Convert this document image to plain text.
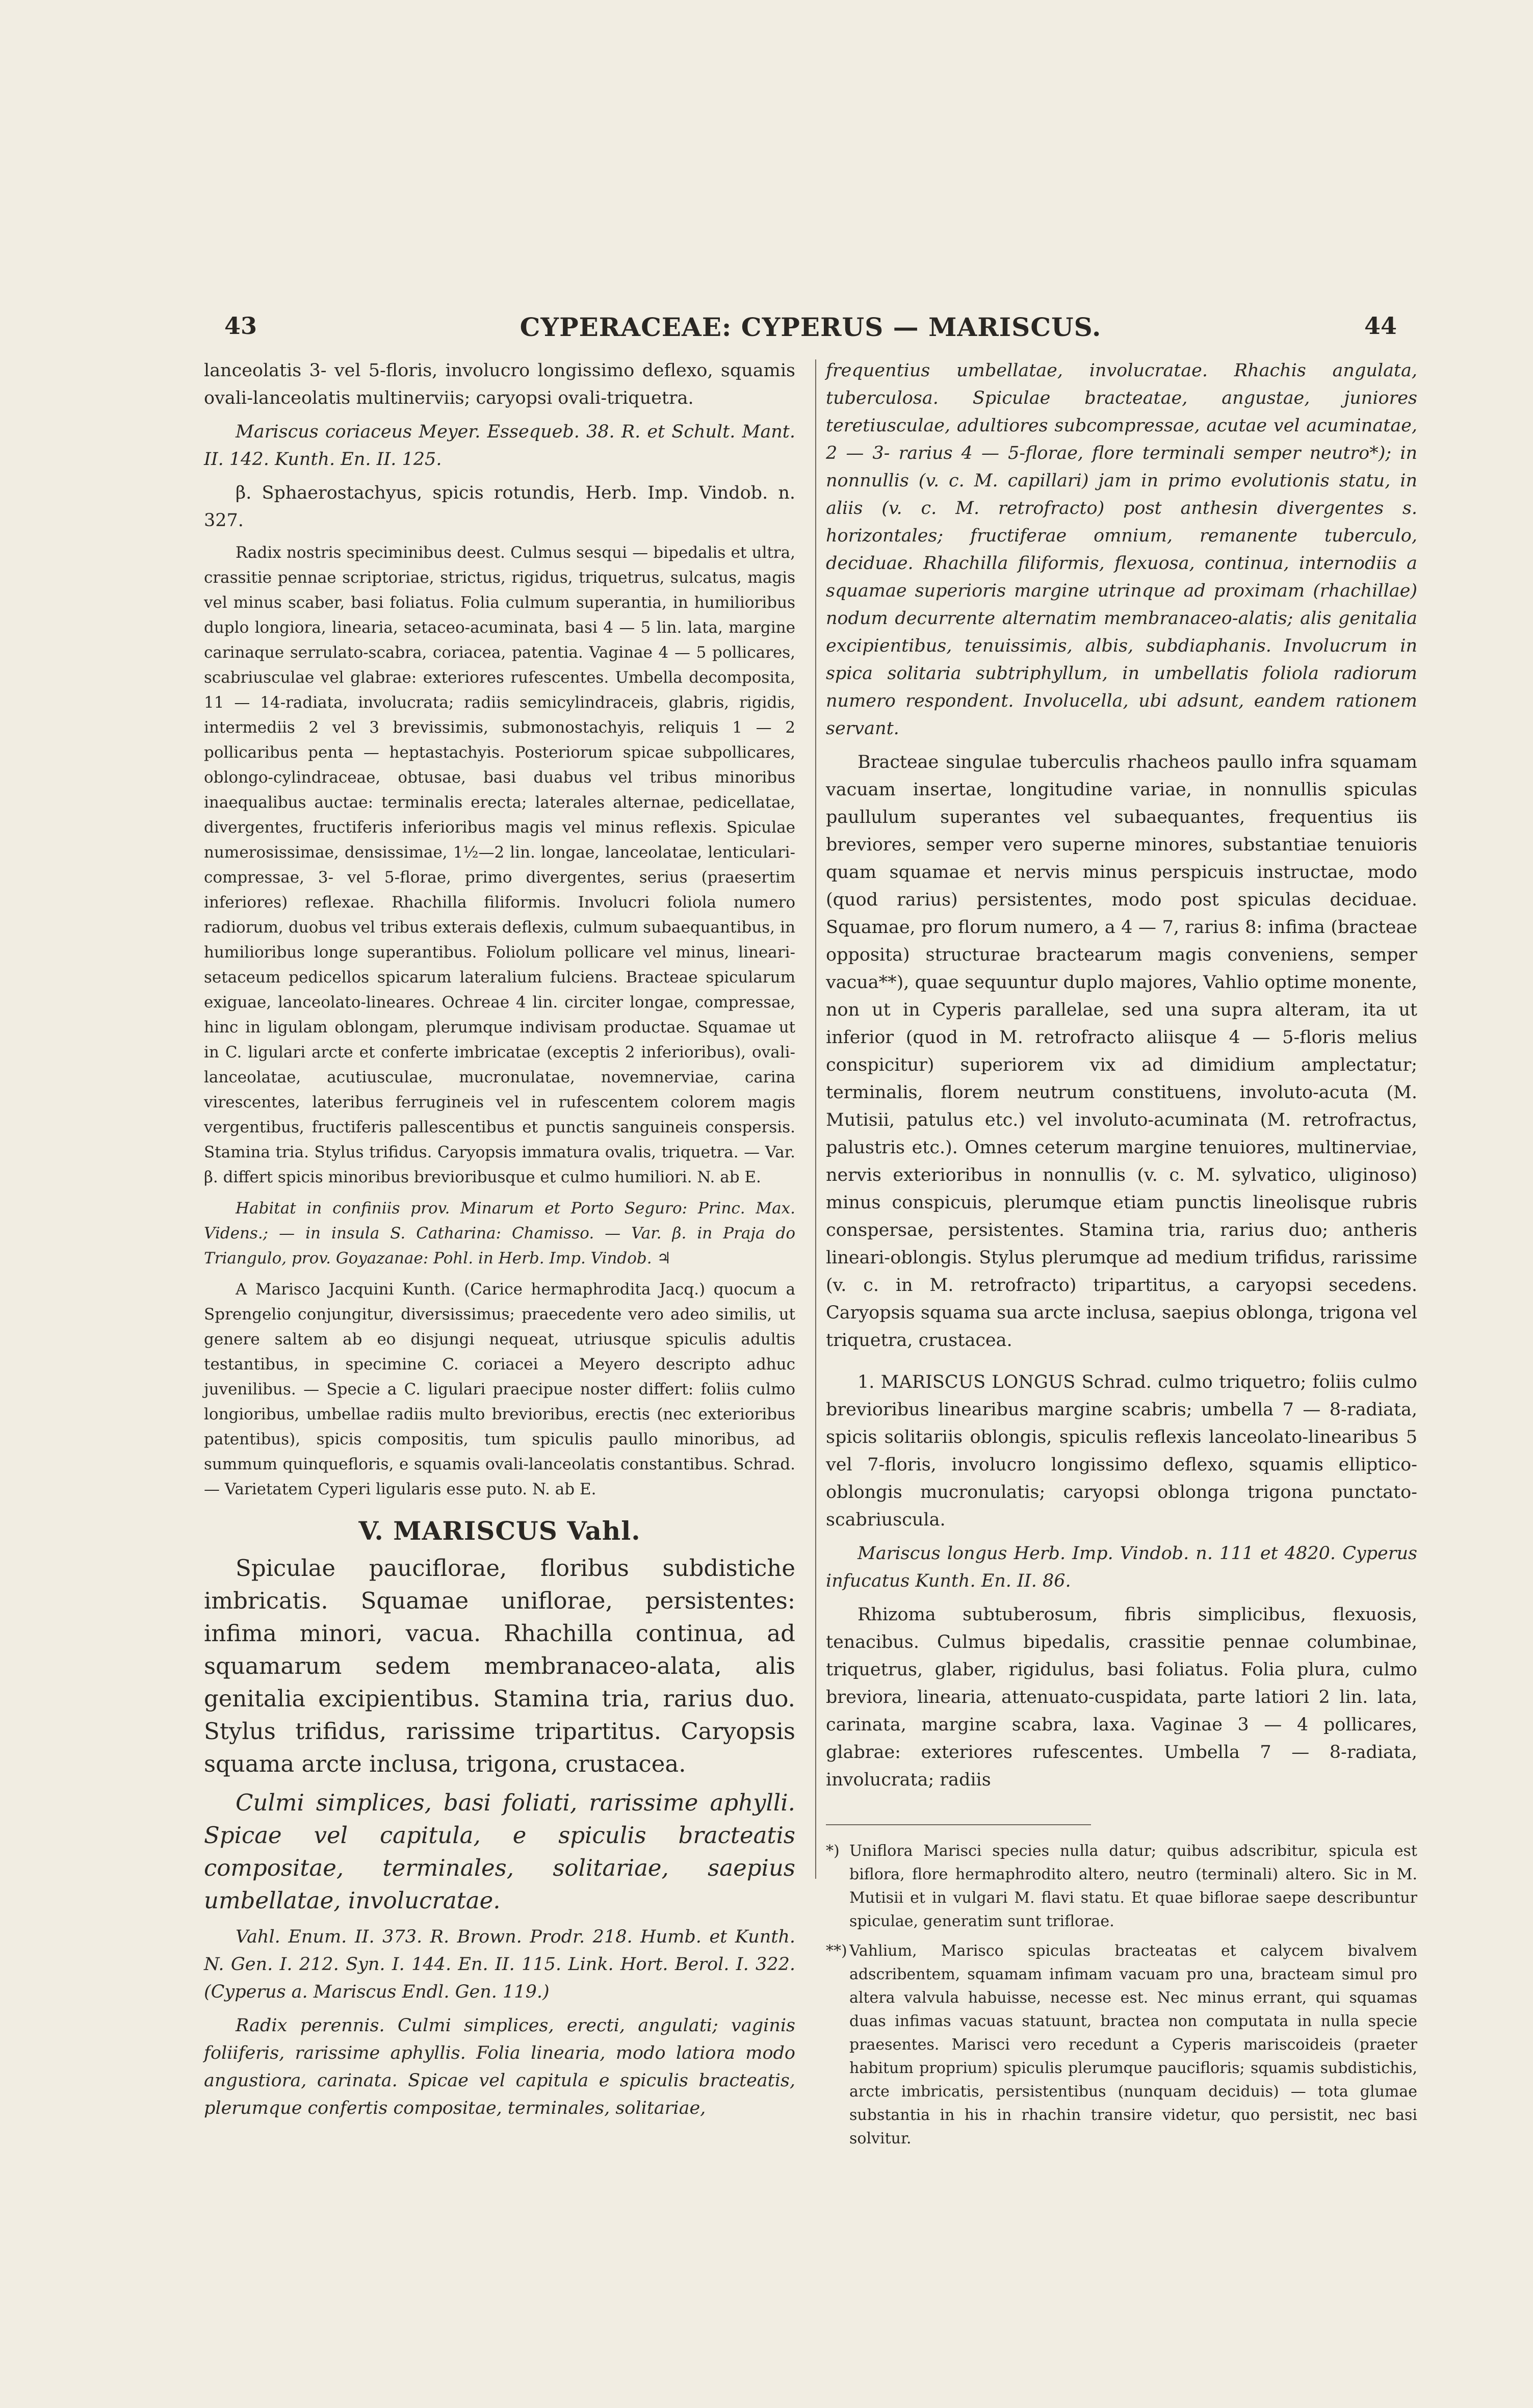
43	CYPERACEAE: CYPERUS — MARISCUS.	44

lanceolatis 3- vel 5-floris, involucro longissimo deflexo, squamis ovali-lanceolatis multinerviis; caryopsi ovali-triquetra.

Mariscus coriaceus Meyer. Essequeb. 38. R. et Schult. Mant. II. 142. Kunth. En. II. 125.

β. Sphaerostachyus, spicis rotundis, Herb. Imp. Vindob. n. 327.

Radix nostris speciminibus deest. Culmus sesqui — bipedalis et ultra, crassitie pennae scriptoriae, strictus, rigidus, triquetrus, sulcatus, magis vel minus scaber, basi foliatus. Folia culmum superantia, in humilioribus duplo longiora, linearia, setaceo-acuminata, basi 4 — 5 lin. lata, margine carinaque serrulato-scabra, coriacea, patentia. Vaginae 4 — 5 pollicares, scabriusculae vel glabrae: exteriores rufescentes. Umbella decomposita, 11 — 14-radiata, involucrata; radiis semicylindraceis, glabris, rigidis, intermediis 2 vel 3 brevissimis, submonostachyis, reliquis 1 — 2 pollicaribus penta — heptastachyis. Posteriorum spicae subpollicares, oblongo-cylindraceae, obtusae, basi duabus vel tribus minoribus inaequalibus auctae: terminalis erecta; laterales alternae, pedicellatae, divergentes, fructiferis inferioribus magis vel minus reflexis. Spiculae numerosissimae, densissimae, 1½—2 lin. longae, lanceolatae, lenticulari-compressae, 3- vel 5-florae, primo divergentes, serius (praesertim inferiores) reflexae. Rhachilla filiformis. Involucri foliola numero radiorum, duobus vel tribus exterais deflexis, culmum subaequantibus, in humilioribus longe superantibus. Foliolum pollicare vel minus, lineari-setaceum pedicellos spicarum lateralium fulciens. Bracteae spicularum exiguae, lanceolato-lineares. Ochreae 4 lin. circiter longae, compressae, hinc in ligulam oblongam, plerumque indivisam productae. Squamae ut in C. ligulari arcte et conferte imbricatae (exceptis 2 inferioribus), ovali-lanceolatae, acutiusculae, mucronulatae, novemnerviae, carina virescentes, lateribus ferrugineis vel in rufescentem colorem magis vergentibus, fructiferis pallescentibus et punctis sanguineis conspersis. Stamina tria. Stylus trifidus. Caryopsis immatura ovalis, triquetra. — Var. β. differt spicis minoribus brevioribusque et culmo humiliori. N. ab E.

Habitat in confiniis prov. Minarum et Porto Seguro: Princ. Max. Videns.; — in insula S. Catharina: Chamisso. — Var. β. in Praja do Triangulo, prov. Goyazanae: Pohl. in Herb. Imp. Vindob. ♃

A Marisco Jacquini Kunth. (Carice hermaphrodita Jacq.) quocum a Sprengelio conjungitur, diversissimus; praecedente vero adeo similis, ut genere saltem ab eo disjungi nequeat, utriusque spiculis adultis testantibus, in specimine C. coriacei a Meyero descripto adhuc juvenilibus. — Specie a C. ligulari praecipue noster differt: foliis culmo longioribus, umbellae radiis multo brevioribus, erectis (nec exterioribus patentibus), spicis compositis, tum spiculis paullo minoribus, ad summum quinquefloris, e squamis ovali-lanceolatis constantibus. Schrad. — Varietatem Cyperi ligularis esse puto. N. ab E.

V. MARISCUS Vahl.

Spiculae pauciflorae, floribus subdistiche imbricatis. Squamae uniflorae, persistentes: infima minori, vacua. Rhachilla continua, ad squamarum sedem membranaceo-alata, alis genitalia excipientibus. Stamina tria, rarius duo. Stylus trifidus, rarissime tripartitus. Caryopsis squama arcte inclusa, trigona, crustacea.

Culmi simplices, basi foliati, rarissime aphylli. Spicae vel capitula, e spiculis bracteatis compositae, terminales, solitariae, saepius umbellatae, involucratae.

Vahl. Enum. II. 373. R. Brown. Prodr. 218. Humb. et Kunth. N. Gen. I. 212. Syn. I. 144. En. II. 115. Link. Hort. Berol. I. 322. (Cyperus a. Mariscus Endl. Gen. 119.)

Radix perennis. Culmi simplices, erecti, angulati; vaginis foliiferis, rarissime aphyllis. Folia linearia, modo latiora modo angustiora, carinata. Spicae vel capitula e spiculis bracteatis, plerumque confertis compositae, terminales, solitariae,

frequentius umbellatae, involucratae. Rhachis angulata, tuberculosa. Spiculae bracteatae, angustae, juniores teretiusculae, adultiores subcompressae, acutae vel acuminatae, 2 — 3- rarius 4 — 5-florae, flore terminali semper neutro*); in nonnullis (v. c. M. capillari) jam in primo evolutionis statu, in aliis (v. c. M. retrofracto) post anthesin divergentes s. horizontales; fructiferae omnium, remanente tuberculo, deciduae. Rhachilla filiformis, flexuosa, continua, internodiis a squamae superioris margine utrinque ad proximam (rhachillae) nodum decurrente alternatim membranaceo-alatis; alis genitalia excipientibus, tenuissimis, albis, subdiaphanis. Involucrum in spica solitaria subtriphyllum, in umbellatis foliola radiorum numero respondent. Involucella, ubi adsunt, eandem rationem servant.

Bracteae singulae tuberculis rhacheos paullo infra squamam vacuam insertae, longitudine variae, in nonnullis spiculas paullulum superantes vel subaequantes, frequentius iis breviores, semper vero superne minores, substantiae tenuioris quam squamae et nervis minus perspicuis instructae, modo (quod rarius) persistentes, modo post spiculas deciduae. Squamae, pro florum numero, a 4 — 7, rarius 8: infima (bracteae opposita) structurae bractearum magis conveniens, semper vacua**), quae sequuntur duplo majores, Vahlio optime monente, non ut in Cyperis parallelae, sed una supra alteram, ita ut inferior (quod in M. retrofracto aliisque 4 — 5-floris melius conspicitur) superiorem vix ad dimidium amplectatur; terminalis, florem neutrum constituens, involuto-acuta (M. Mutisii, patulus etc.) vel involuto-acuminata (M. retrofractus, palustris etc.). Omnes ceterum margine tenuiores, multinerviae, nervis exterioribus in nonnullis (v. c. M. sylvatico, uliginoso) minus conspicuis, plerumque etiam punctis lineolisque rubris conspersae, persistentes. Stamina tria, rarius duo; antheris lineari-oblongis. Stylus plerumque ad medium trifidus, rarissime (v. c. in M. retrofracto) tripartitus, a caryopsi secedens. Caryopsis squama sua arcte inclusa, saepius oblonga, trigona vel triquetra, crustacea.

1. MARISCUS LONGUS Schrad. culmo triquetro; foliis culmo brevioribus linearibus margine scabris; umbella 7 — 8-radiata, spicis solitariis oblongis, spiculis reflexis lanceolato-linearibus 5 vel 7-floris, involucro longissimo deflexo, squamis elliptico-oblongis mucronulatis; caryopsi oblonga trigona punctato-scabriuscula.

Mariscus longus Herb. Imp. Vindob. n. 111 et 4820. Cyperus infucatus Kunth. En. II. 86.

Rhizoma subtuberosum, fibris simplicibus, flexuosis, tenacibus. Culmus bipedalis, crassitie pennae columbinae, triquetrus, glaber, rigidulus, basi foliatus. Folia plura, culmo breviora, linearia, attenuato-cuspidata, parte latiori 2 lin. lata, carinata, margine scabra, laxa. Vaginae 3 — 4 pollicares, glabrae: exteriores rufescentes. Umbella 7 — 8-radiata, involucrata; radiis

*) Uniflora Marisci species nulla datur; quibus adscribitur, spicula est biflora, flore hermaphrodito altero, neutro (terminali) altero. Sic in M. Mutisii et in vulgari M. flavi statu. Et quae biflorae saepe describuntur spiculae, generatim sunt triflorae.

**) Vahlium, Marisco spiculas bracteatas et calycem bivalvem adscribentem, squamam infimam vacuam pro una, bracteam simul pro altera valvula habuisse, necesse est. Nec minus errant, qui squamas duas infimas vacuas statuunt, bractea non computata in nulla specie praesentes. Marisci vero recedunt a Cyperis mariscoideis (praeter habitum proprium) spiculis plerumque paucifloris; squamis subdistichis, arcte imbricatis, persistentibus (nunquam deciduis) — tota glumae substantia in his in rhachin transire videtur, quo persistit, nec basi solvitur.
